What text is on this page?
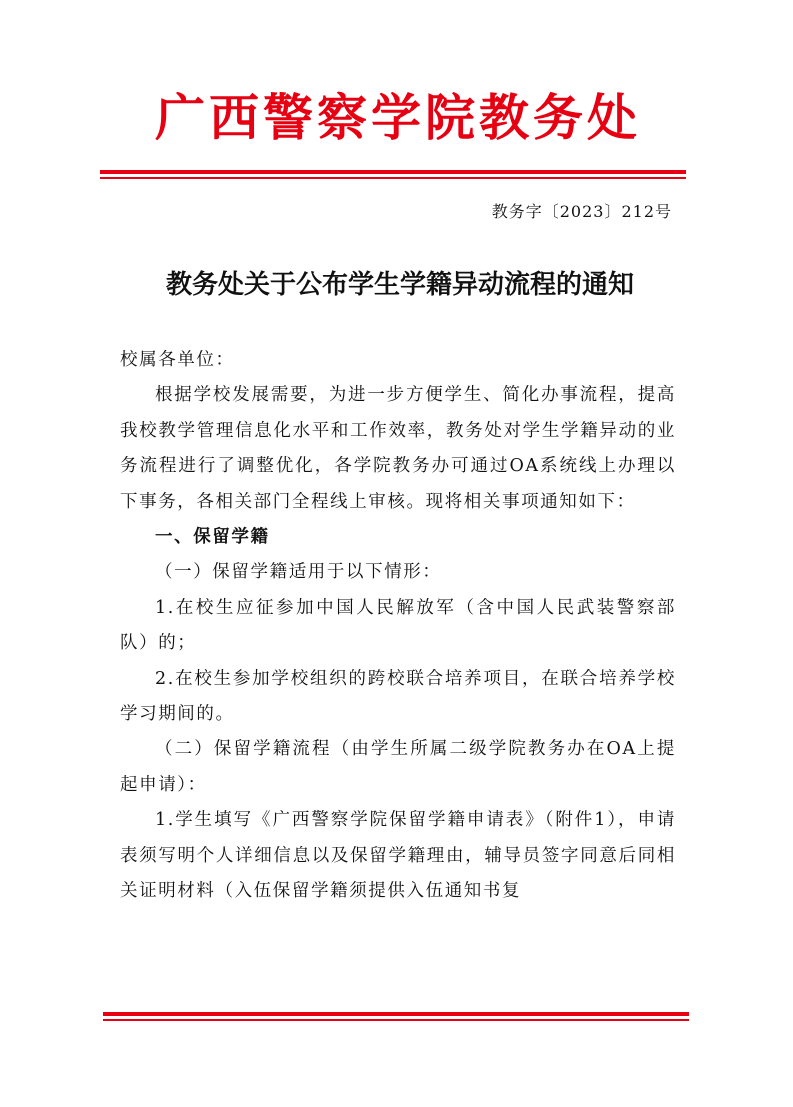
广西警察学院教务处
教务字〔2023〕212号
教务处关于公布学生学籍异动流程的通知

校属各单位：

根据学校发展需要，为进一步方便学生、简化办事流程，提高我校教学管理信息化水平和工作效率，教务处对学生学籍异动的业务流程进行了调整优化，各学院教务办可通过OA系统线上办理以下事务，各相关部门全程线上审核。现将相关事项通知如下：

一、保留学籍

（一）保留学籍适用于以下情形：

1.在校生应征参加中国人民解放军（含中国人民武装警察部队）的；

2.在校生参加学校组织的跨校联合培养项目，在联合培养学校学习期间的。

（二）保留学籍流程（由学生所属二级学院教务办在OA上提起申请）：

1.学生填写《广西警察学院保留学籍申请表》（附件1），申请表须写明个人详细信息以及保留学籍理由，辅导员签字同意后同相关证明材料（入伍保留学籍须提供入伍通知书复
